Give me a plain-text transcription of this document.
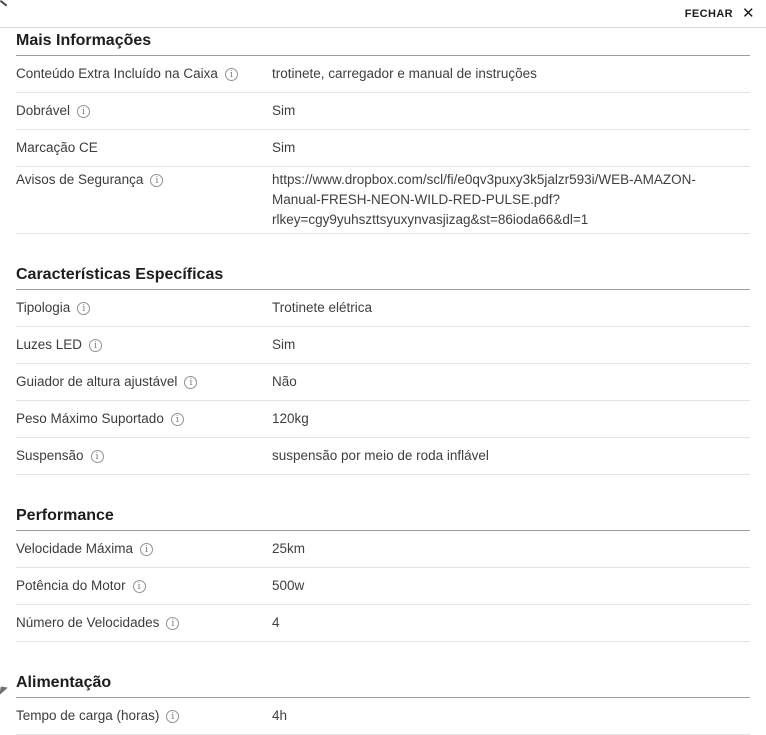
FECHAR ✕
Mais Informações
Conteúdo Extra Incluído na Caixa	i	trotinete, carregador e manual de instruções
Dobrável	i	Sim
Marcação CE	Sim
Avisos de Segurança	i	https://www.dropbox.com/scl/fi/e0qv3puxy3k5jalzr593i/WEB-AMAZON-Manual-FRESH-NEON-WILD-RED-PULSE.pdf?rlkey=cgy9yuhszttsyuxynvasjizag&st=86ioda66&dl=1
Características Específicas
Tipologia	i	Trotinete elétrica
Luzes LED	i	Sim
Guiador de altura ajustável	i	Não
Peso Máximo Suportado	i	120kg
Suspensão	i	suspensão por meio de roda inflável
Performance
Velocidade Máxima	i	25km
Potência do Motor	i	500w
Número de Velocidades	i	4
Alimentação
Tempo de carga (horas)	i	4h
